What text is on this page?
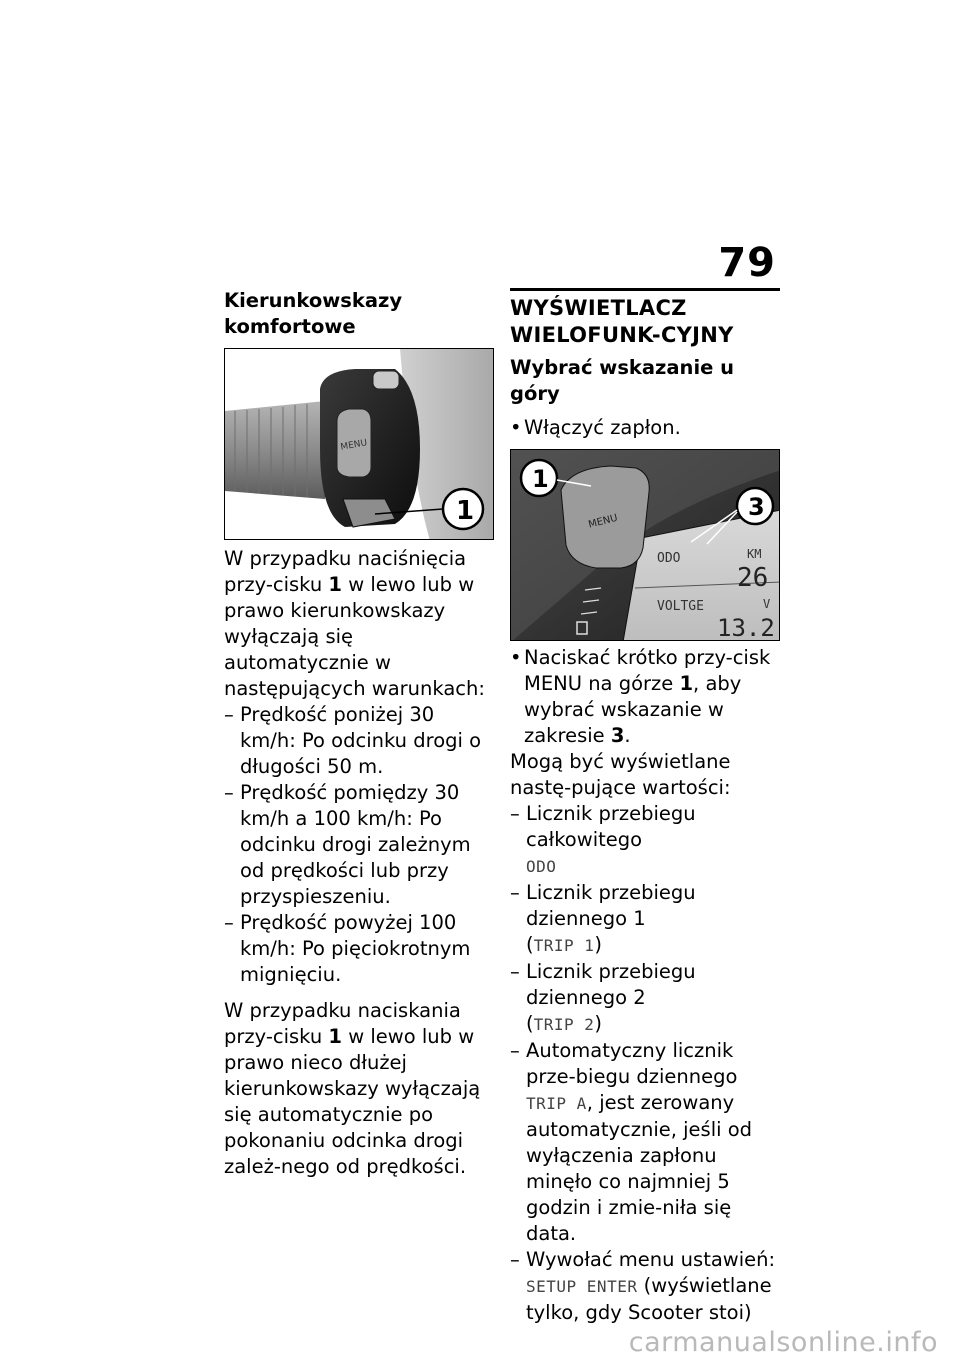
79
Kierunkowskazy komfortowe
MENU
1

W przypadku naciśnięcia przy-cisku 1 w lewo lub w prawo kierunkowskazy wyłączają się automatycznie w następujących warunkach:

– Prędkość poniżej 30 km/h: Po odcinku drogi o długości 50 m.

– Prędkość pomiędzy 30 km/h a 100 km/h: Po odcinku drogi zależnym od prędkości lub przy przyspieszeniu.

– Prędkość powyżej 100 km/h: Po pięciokrotnym mignięciu.

W przypadku naciskania przy-cisku 1 w lewo lub w prawo nieco dłużej kierunkowskazy wyłączają się automatycznie po pokonaniu odcinka drogi zależ-nego od prędkości.

WYŚWIETLACZ WIELOFUNK-CYJNY
Wybrać wskazanie u góry

• Włączyć zapłon.

MENU
1
3
ODO	KM
26
VOLTGE	V
13.2

• Naciskać krótko przy-cisk MENU na górze 1, aby wybrać wskazanie w zakresie 3.

Mogą być wyświetlane nastę-pujące wartości:

– Licznik przebiegu całkowitego
ODO

– Licznik przebiegu dziennego 1
(TRIP 1)

– Licznik przebiegu dziennego 2
(TRIP 2)

– Automatyczny licznik prze-biegu dziennego TRIP A, jest zerowany automatycznie, jeśli od wyłączenia zapłonu minęło co najmniej 5 godzin i zmie-niła się data.

– Wywołać menu ustawień:
SETUP ENTER (wyświetlane tylko, gdy Scooter stoi)

carmanualsonline.info
